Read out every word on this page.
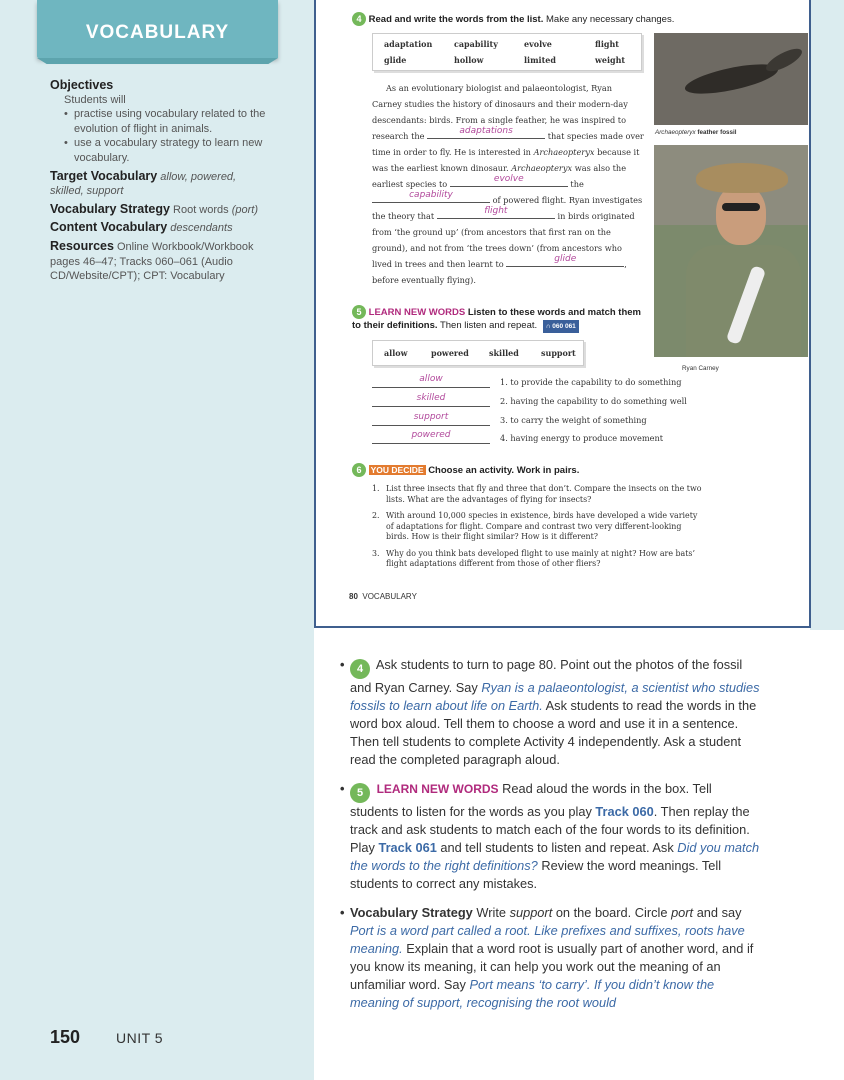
VOCABULARY
Objectives
Students will
• practise using vocabulary related to the evolution of flight in animals.
• use a vocabulary strategy to learn new vocabulary.
Target Vocabulary allow, powered, skilled, support
Vocabulary Strategy Root words (port)
Content Vocabulary descendants
Resources Online Workbook/Workbook pages 46–47; Tracks 060–061 (Audio CD/Website/CPT); CPT: Vocabulary
150	UNIT 5
4 Read and write the words from the list. Make any necessary changes.
adaptation	capability	evolve	flight
glide	hollow	limited	weight
Archaeopteryx feather fossil
Ryan Carney
As an evolutionary biologist and palaeontologist, Ryan Carney studies the history of dinosaurs and their modern-day descendants: birds. From a single feather, he was inspired to research the	adaptations	that species made over time in order to fly. He is interested in Archaeopteryx because it was the earliest known dinosaur. Archaeopteryx was also the earliest species to	evolve	the
capability	of powered flight. Ryan investigates the theory that	flight	in birds originated from ‘the ground up’ (from ancestors that first ran on the ground), and not from ‘the trees down’ (from ancestors who lived in trees and then learnt to	glide	, before eventually flying).
5 LEARN NEW WORDS Listen to these words and match them to their definitions. Then listen and repeat. ∩ 060 061
allow	powered	skilled	support
allow	1. to provide the capability to do something
skilled	2. having the capability to do something well
support	3. to carry the weight of something
powered	4. having energy to produce movement
6 YOU DECIDE Choose an activity. Work in pairs.
1. List three insects that fly and three that don’t. Compare the insects on the two lists. What are the advantages of flying for insects?
2. With around 10,000 species in existence, birds have developed a wide variety of adaptations for flight. Compare and contrast two very different-looking birds. How is their flight similar? How is it different?
3. Why do you think bats developed flight to use mainly at night? How are bats’ flight adaptations different from those of other fliers?
80 VOCABULARY
• 4 Ask students to turn to page 80. Point out the photos of the fossil and Ryan Carney. Say Ryan is a palaeontologist, a scientist who studies fossils to learn about life on Earth. Ask students to read the words in the word box aloud. Tell them to choose a word and use it in a sentence. Then tell students to complete Activity 4 independently. Ask a student read the completed paragraph aloud.
• 5 LEARN NEW WORDS Read aloud the words in the box. Tell students to listen for the words as you play Track 060. Then replay the track and ask students to match each of the four words to its definition. Play Track 061 and tell students to listen and repeat. Ask Did you match the words to the right definitions? Review the word meanings. Tell students to correct any mistakes.
• Vocabulary Strategy Write support on the board. Circle port and say Port is a word part called a root. Like prefixes and suffixes, roots have meaning. Explain that a word root is usually part of another word, and if you know its meaning, it can help you work out the meaning of an unfamiliar word. Say Port means ‘to carry’. If you didn’t know the meaning of support, recognising the root would
